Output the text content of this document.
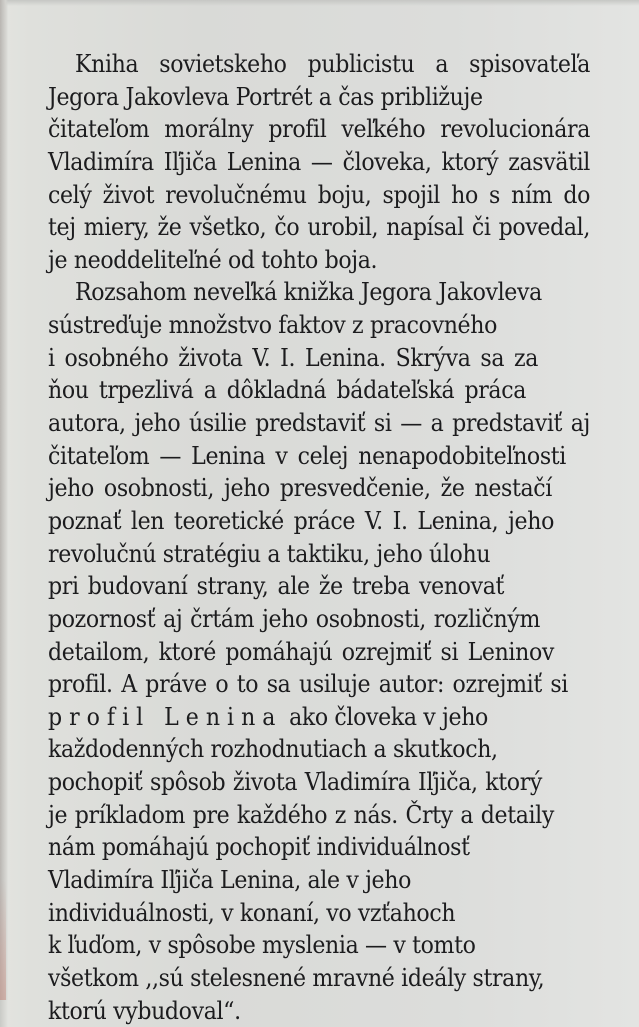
Kniha sovietskeho publicistu a spisovateľa
Jegora Jakovleva Portrét a čas približuje
čitateľom morálny profil veľkého revolucionára
Vladimíra Iľjiča Lenina — človeka, ktorý zasvätil
celý život revolučnému boju, spojil ho s ním do
tej miery, že všetko, čo urobil, napísal či povedal,
je neoddeliteľné od tohto boja.
Rozsahom neveľká knižka Jegora Jakovleva
sústreďuje množstvo faktov z pracovného
i osobného života V. I. Lenina. Skrýva sa za
ňou trpezlivá a dôkladná bádateľská práca
autora, jeho úsilie predstaviť si — a predstaviť aj
čitateľom — Lenina v celej nenapodobiteľnosti
jeho osobnosti, jeho presvedčenie, že nestačí
poznať len teoretické práce V. I. Lenina, jeho
revolučnú stratégiu a taktiku, jeho úlohu
pri budovaní strany, ale že treba venovať
pozornosť aj črtám jeho osobnosti, rozličným
detailom, ktoré pomáhajú ozrejmiť si Leninov
profil. A práve o to sa usiluje autor: ozrejmiť si
profil Lenina ako človeka v jeho
každodenných rozhodnutiach a skutkoch,
pochopiť spôsob života Vladimíra Iľjiča, ktorý
je príkladom pre každého z nás. Črty a detaily
nám pomáhajú pochopiť individuálnosť
Vladimíra Iľjiča Lenina, ale v jeho
individuálnosti, v konaní, vo vzťahoch
k ľuďom, v spôsobe myslenia — v tomto
všetkom ,,sú stelesnené mravné ideály strany,
ktorú vybudoval“.
